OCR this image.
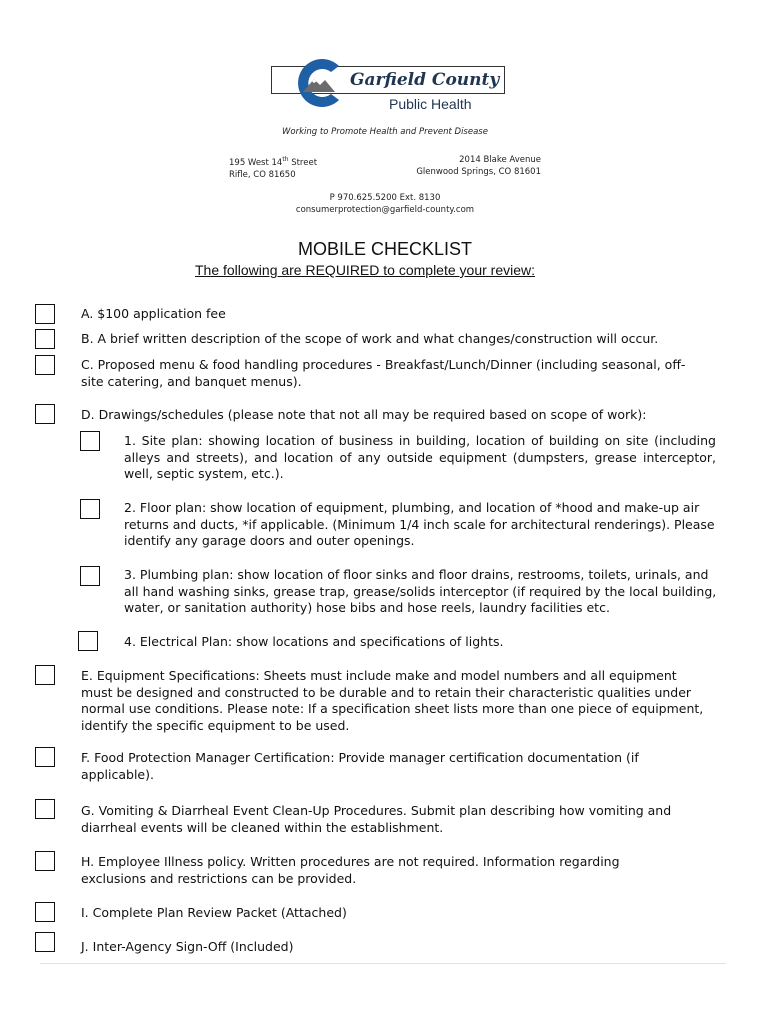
Garfield County
Public Health
Working to Promote Health and Prevent Disease
195 West 14th Street
Rifle, CO 81650
2014 Blake Avenue
Glenwood Springs, CO 81601
P 970.625.5200 Ext. 8130
consumerprotection@garfield-county.com
MOBILE CHECKLIST
The following are REQUIRED to complete your review:
A. $100 application fee
B. A brief written description of the scope of work and what changes/construction will occur.
C. Proposed menu & food handling procedures - Breakfast/Lunch/Dinner (including seasonal, off- site catering, and banquet menus).
D. Drawings/schedules (please note that not all may be required based on scope of work):
1. Site plan: showing location of business in building, location of building on site (including alleys and streets), and location of any outside equipment (dumpsters, grease interceptor, well, septic system, etc.).
2. Floor plan: show location of equipment, plumbing, and location of *hood and make-up air returns and ducts, *if applicable. (Minimum 1/4 inch scale for architectural renderings). Please identify any garage doors and outer openings.
3. Plumbing plan: show location of floor sinks and floor drains, restrooms, toilets, urinals, and all hand washing sinks, grease trap, grease/solids interceptor (if required by the local building, water, or sanitation authority) hose bibs and hose reels, laundry facilities etc.
4. Electrical Plan: show locations and specifications of lights.
E. Equipment Specifications: Sheets must include make and model numbers and all equipment must be designed and constructed to be durable and to retain their characteristic qualities under normal use conditions. Please note: If a specification sheet lists more than one piece of equipment, identify the specific equipment to be used.
F. Food Protection Manager Certification: Provide manager certification documentation (if applicable).
G. Vomiting & Diarrheal Event Clean-Up Procedures. Submit plan describing how vomiting and diarrheal events will be cleaned within the establishment.
H. Employee Illness policy. Written procedures are not required. Information regarding exclusions and restrictions can be provided.
I. Complete Plan Review Packet (Attached)
J. Inter-Agency Sign-Off (Included)
